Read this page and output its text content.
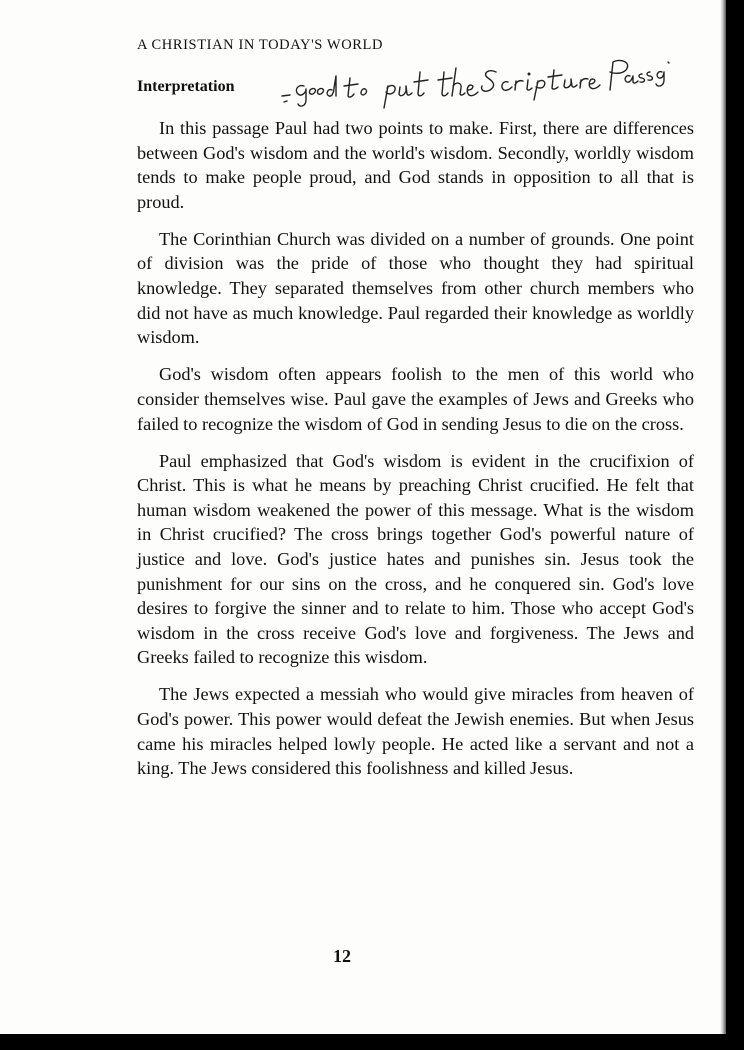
A CHRISTIAN IN TODAY'S WORLD
Interpretation

In this passage Paul had two points to make. First, there are differences between God's wisdom and the world's wisdom. Secondly, worldly wisdom tends to make people proud, and God stands in opposition to all that is proud.

The Corinthian Church was divided on a number of grounds. One point of division was the pride of those who thought they had spiritual knowledge. They separated themselves from other church members who did not have as much knowledge. Paul regarded their knowledge as worldly wisdom.

God's wisdom often appears foolish to the men of this world who consider themselves wise. Paul gave the examples of Jews and Greeks who failed to recognize the wisdom of God in sending Jesus to die on the cross.

Paul emphasized that God's wisdom is evident in the crucifixion of Christ. This is what he means by preaching Christ crucified. He felt that human wisdom weakened the power of this message. What is the wisdom in Christ crucified? The cross brings together God's powerful nature of justice and love. God's justice hates and punishes sin. Jesus took the punishment for our sins on the cross, and he conquered sin. God's love desires to forgive the sinner and to relate to him. Those who accept God's wisdom in the cross receive God's love and forgiveness. The Jews and Greeks failed to recognize this wisdom.

The Jews expected a messiah who would give miracles from heaven of God's power. This power would defeat the Jewish enemies. But when Jesus came his miracles helped lowly people. He acted like a servant and not a king. The Jews considered this foolishness and killed Jesus.

12
